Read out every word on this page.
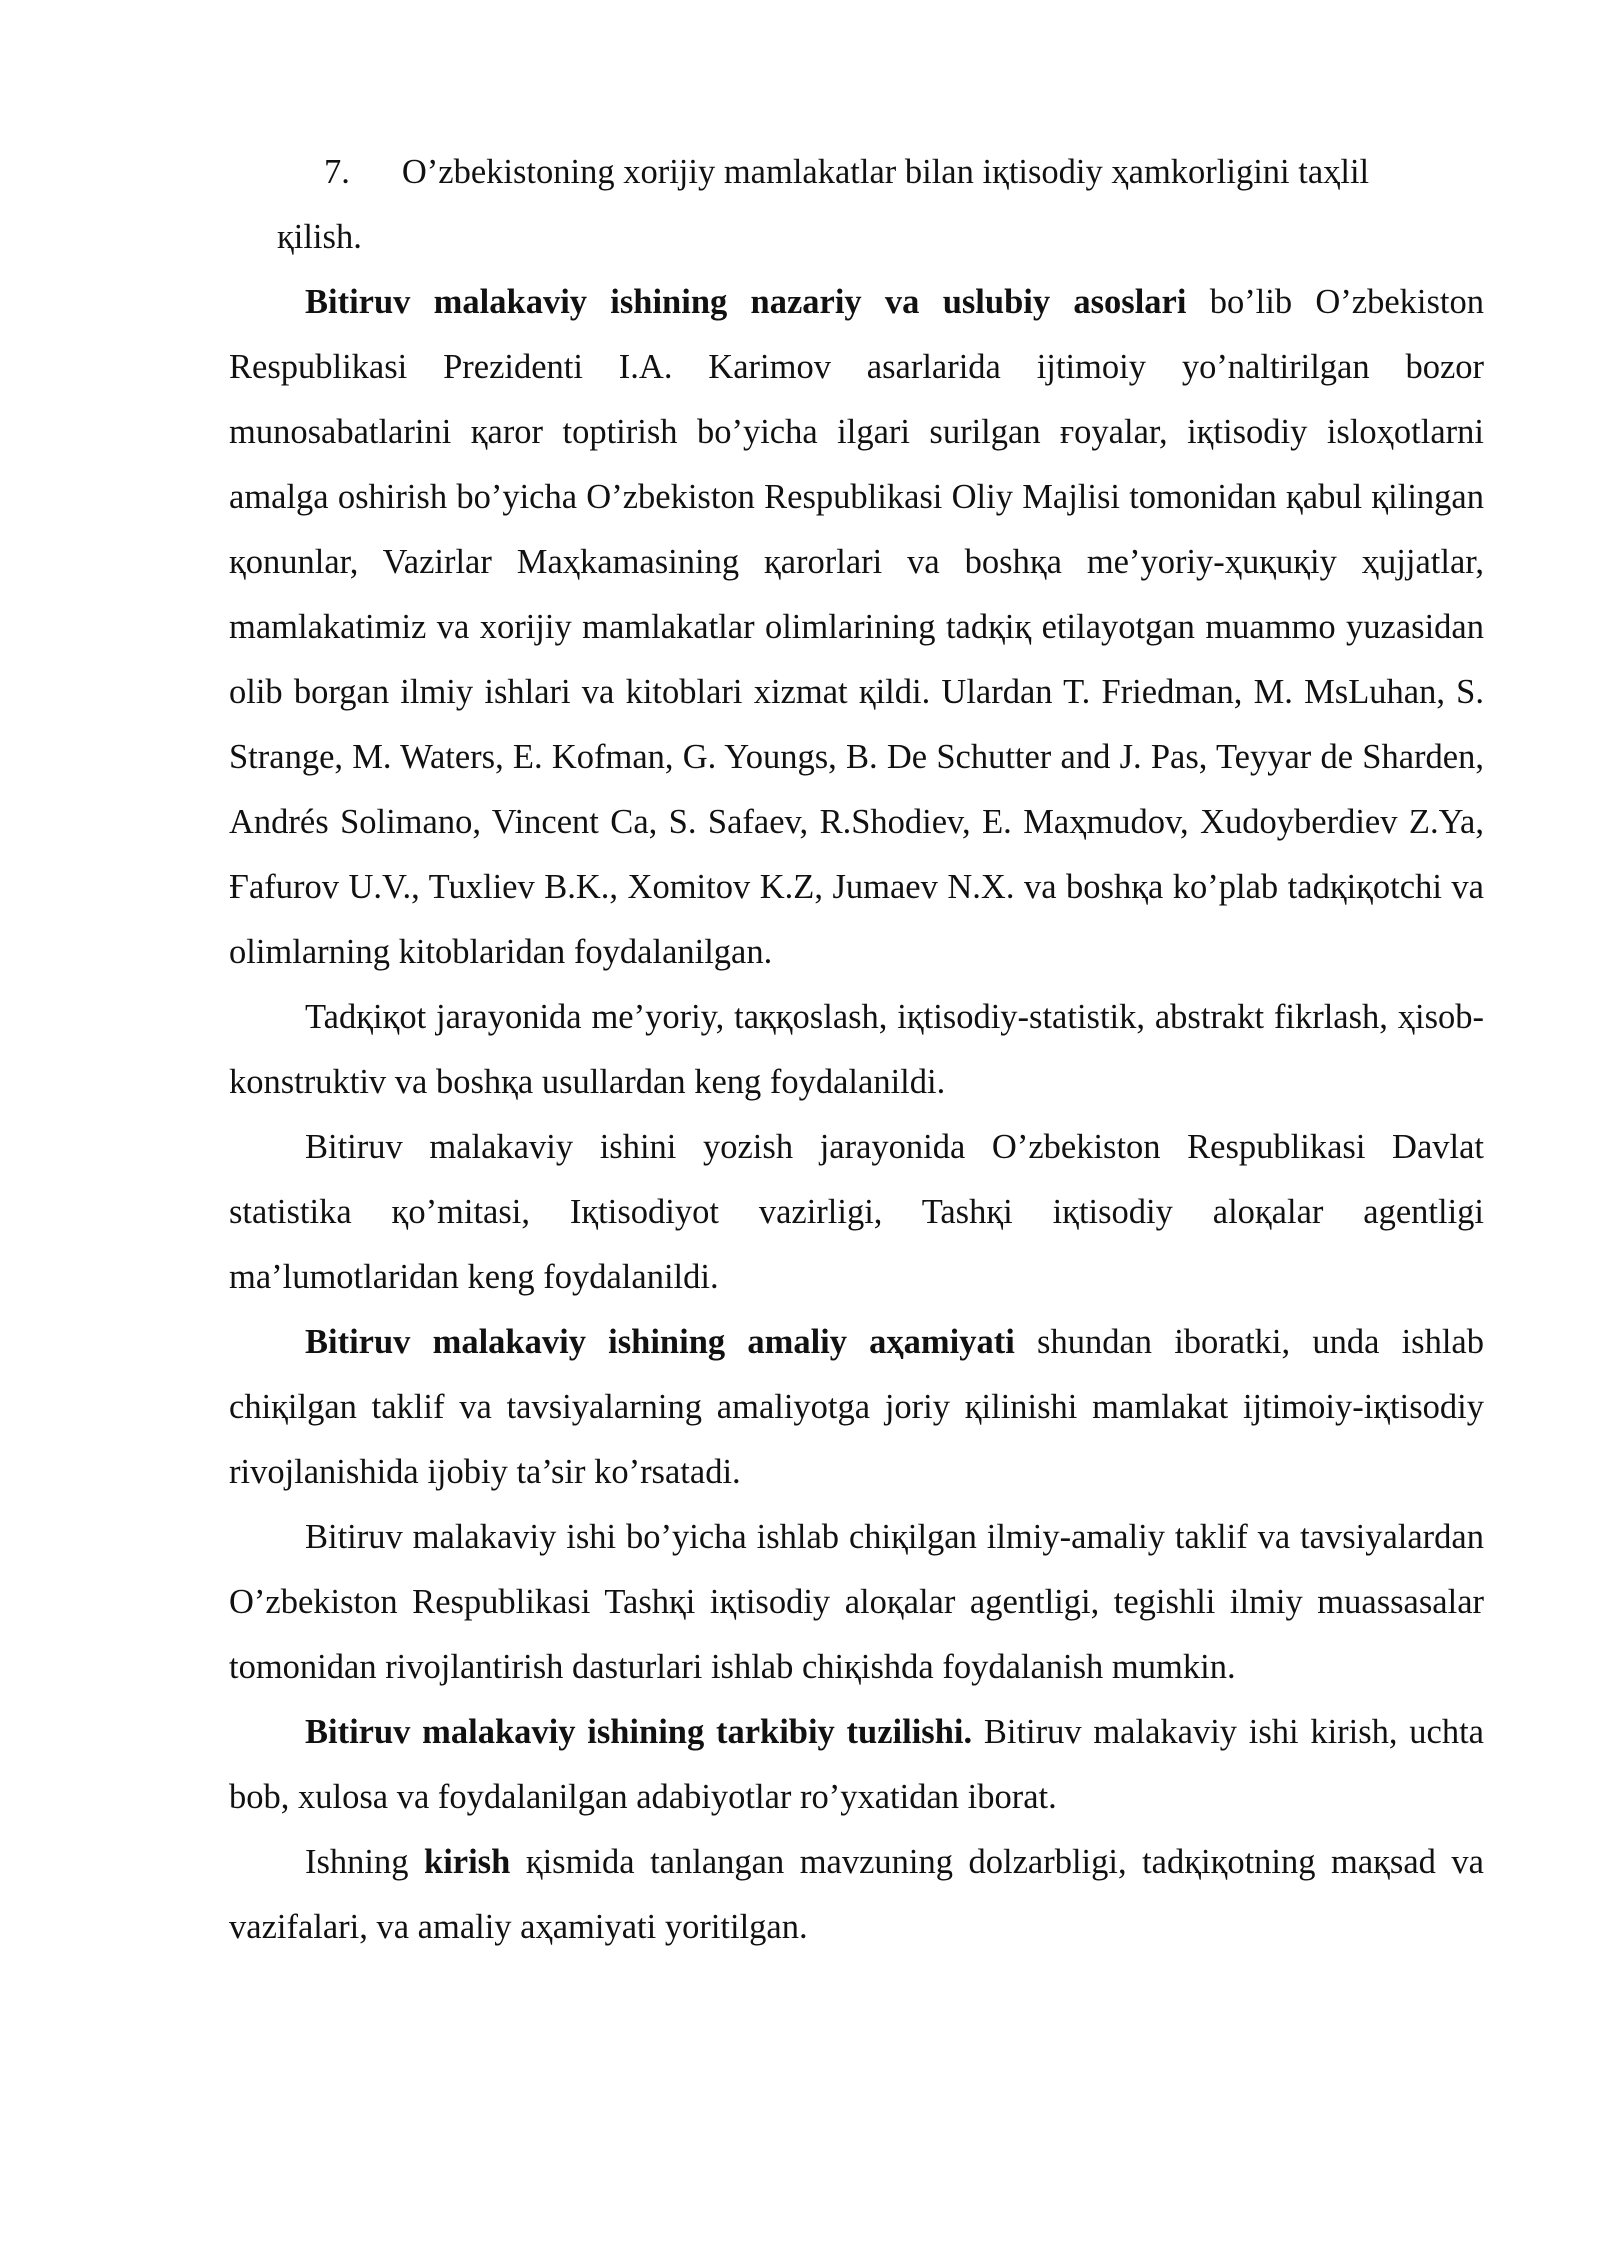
7. O’zbekistoning xorijiy mamlakatlar bilan iқtisodiy ҳamkorligini taҳlil
қilish.

Bitiruv malakaviy ishining nazariy va uslubiy asoslari bo’lib O’zbekiston Respublikasi Prezidenti I.A. Karimov asarlarida ijtimoiy yo’naltirilgan bozor munosabatlarini қaror toptirish bo’yicha ilgari surilgan ғoyalar, iқtisodiy isloҳotlarni amalga oshirish bo’yicha O’zbekiston Respublikasi Oliy Majlisi tomonidan қabul қilingan қonunlar, Vazirlar Maҳkamasining қarorlari va boshқa me’yoriy-ҳuқuқiy ҳujjatlar, mamlakatimiz va xorijiy mamlakatlar olimlarining tadқiқ etilayotgan muammo yuzasidan olib borgan ilmiy ishlari va kitoblari xizmat қildi. Ulardan T. Friedman, M. MsLuhan, S. Strange, M. Waters, E. Kofman, G. Youngs, B. De Schutter and J. Pas, Teyyar de Sharden, Andrés Solimano, Vincent Ca, S. Safaev, R.Shodiev, E. Maҳmudov, Xudoyberdiev Z.Ya, Ғafurov U.V., Tuxliev B.K., Xomitov K.Z, Jumaev N.X. va boshқa ko’plab tadқiқotchi va olimlarning kitoblaridan foydalanilgan.

Tadқiқot jarayonida me’yoriy, taққoslash, iқtisodiy-statistik, abstrakt fikrlash, ҳisob-konstruktiv va boshқa usullardan keng foydalanildi.

Bitiruv malakaviy ishini yozish jarayonida O’zbekiston Respublikasi Davlat statistika қo’mitasi, Iқtisodiyot vazirligi, Tashқi iқtisodiy aloқalar agentligi ma’lumotlaridan keng foydalanildi.

Bitiruv malakaviy ishining amaliy aҳamiyati shundan iboratki, unda ishlab chiқilgan taklif va tavsiyalarning amaliyotga joriy қilinishi mamlakat ijtimoiy-iқtisodiy rivojlanishida ijobiy ta’sir ko’rsatadi.

Bitiruv malakaviy ishi bo’yicha ishlab chiқilgan ilmiy-amaliy taklif va tavsiyalardan O’zbekiston Respublikasi Tashқi iқtisodiy aloқalar agentligi, tegishli ilmiy muassasalar tomonidan rivojlantirish dasturlari ishlab chiқishda foydalanish mumkin.

Bitiruv malakaviy ishining tarkibiy tuzilishi. Bitiruv malakaviy ishi kirish, uchta bob, xulosa va foydalanilgan adabiyotlar ro’yxatidan iborat.

Ishning kirish қismida tanlangan mavzuning dolzarbligi, tadқiқotning maқsad va vazifalari, va amaliy aҳamiyati yoritilgan.
